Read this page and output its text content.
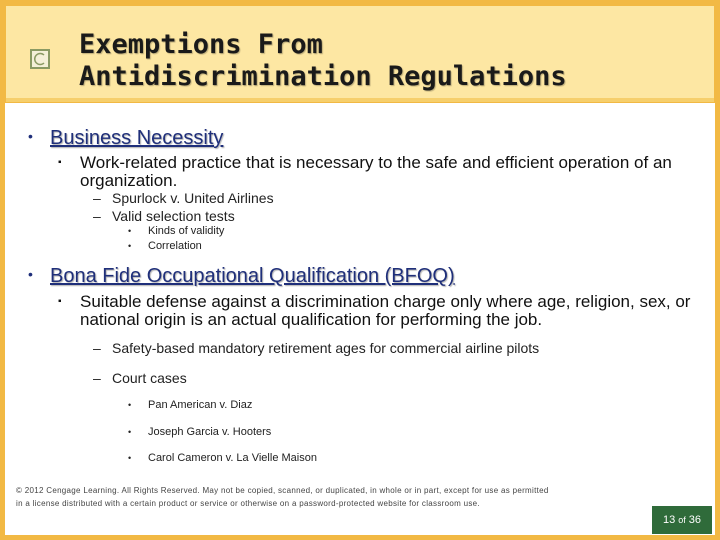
Exemptions From
Antidiscrimination Regulations
• Business Necessity
▪ Work-related practice that is necessary to the safe and efficient operation of an organization.
– Spurlock v. United Airlines
– Valid selection tests
• Kinds of validity
• Correlation
• Bona Fide Occupational Qualification (BFOQ)
▪ Suitable defense against a discrimination charge only where age, religion, sex, or national origin is an actual qualification for performing the job.
– Safety-based mandatory retirement ages for commercial airline pilots
– Court cases
• Pan American v. Diaz
• Joseph Garcia v. Hooters
• Carol Cameron v. La Vielle Maison
© 2012 Cengage Learning. All Rights Reserved. May not be copied, scanned, or duplicated, in whole or in part, except for use as permitted in a license distributed with a certain product or service or otherwise on a password-protected website for classroom use.
13 of 36
